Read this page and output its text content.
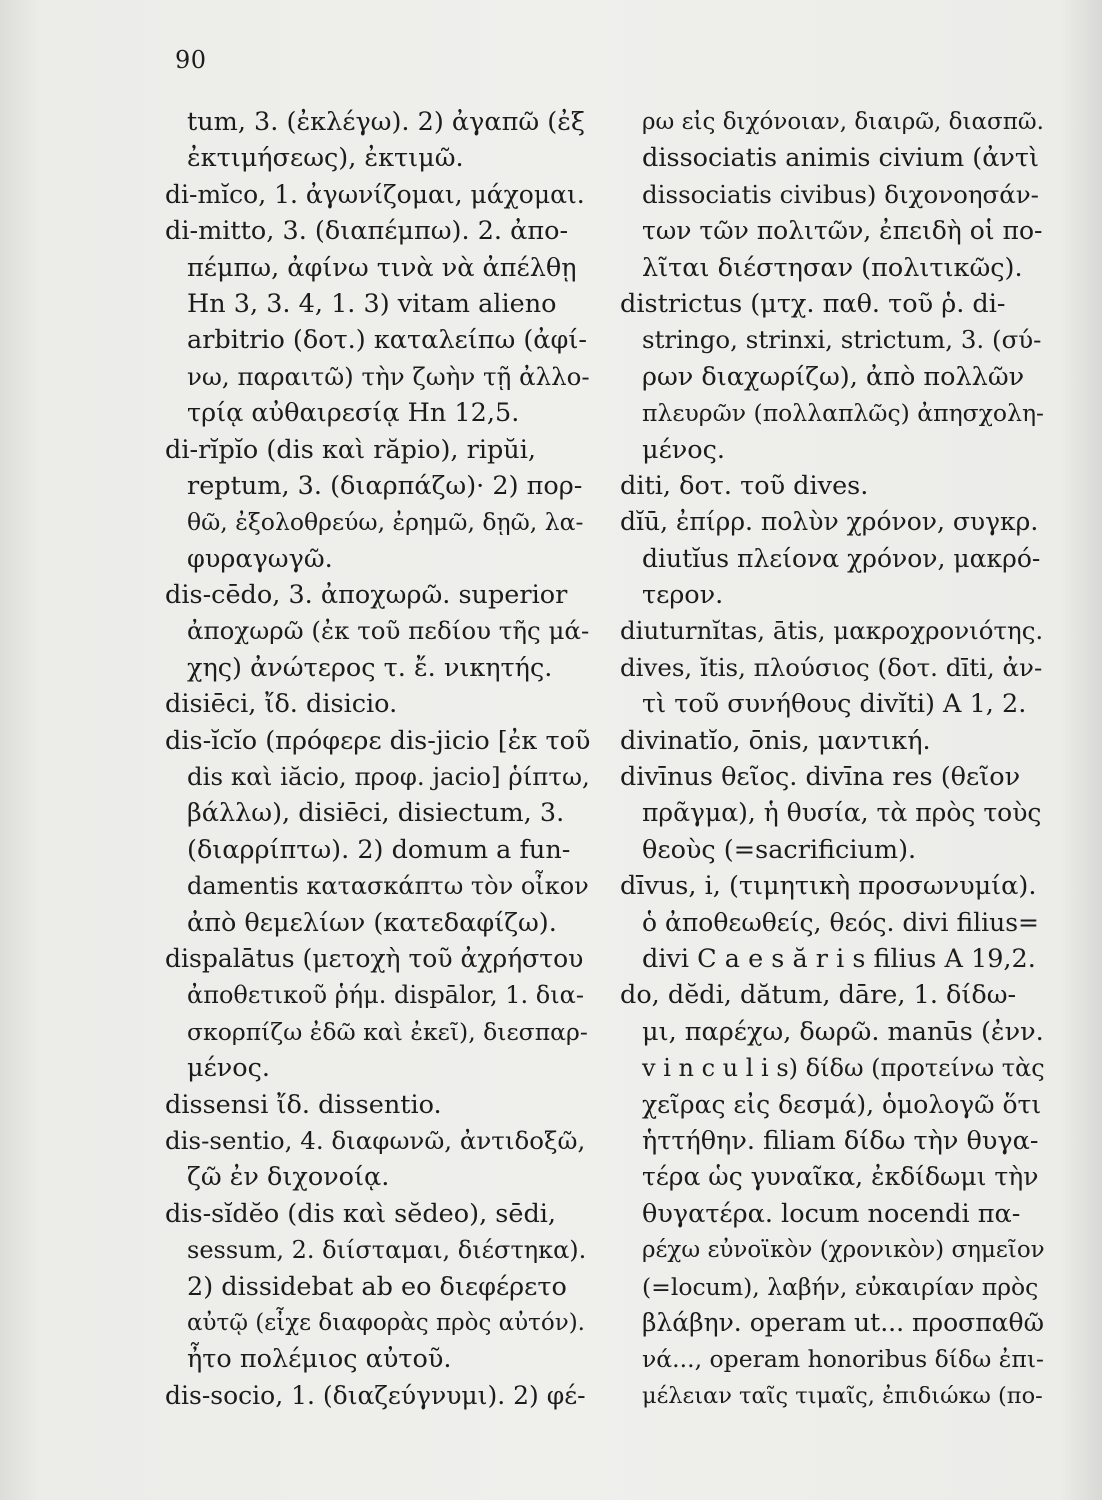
90
tum, 3. (ἐκλέγω). 2) ἀγαπῶ (ἐξ
ἐκτιμήσεως), ἐκτιμῶ.
di-mĭco, 1. ἀγωνίζομαι, μάχομαι.
di-mitto, 3. (διαπέμπω). 2. ἀπο-
πέμπω, ἀφίνω τινὰ νὰ ἀπέλθῃ
Hn 3, 3. 4, 1. 3) vitam alieno
arbitrio (δοτ.) καταλείπω (ἀφί-
νω, παραιτῶ) τὴν ζωὴν τῇ ἀλλο-
τρίᾳ αὐθαιρεσίᾳ Hn 12,5.
di-rĭpĭo (dis καὶ răpio), ripŭi,
reptum, 3. (διαρπάζω)· 2) πορ-
θῶ, ἐξολοθρεύω, ἐρημῶ, δῃῶ, λα-
φυραγωγῶ.
dis-cēdo, 3. ἀποχωρῶ. superior
ἀποχωρῶ (ἐκ τοῦ πεδίου τῆς μά-
χης) ἀνώτερος τ. ἔ. νικητής.
disiēci, ἴδ. disicio.
dis-ĭcĭo (πρόφερε dis-jicio [ἐκ τοῦ
dis καὶ iăcio, προφ. jacio] ῥίπτω,
βάλλω), disiēci, disiectum, 3.
(διαρρίπτω). 2) domum a fun-
damentis κατασκάπτω τὸν οἶκον
ἀπὸ θεμελίων (κατεδαφίζω).
dispalātus (μετοχὴ τοῦ ἀχρήστου
ἀποθετικοῦ ῥήμ. dispālor, 1. δια-
σκορπίζω ἐδῶ καὶ ἐκεῖ), διεσπαρ-
μένος.
dissensi ἴδ. dissentio.
dis-sentio, 4. διαφωνῶ, ἀντιδοξῶ,
ζῶ ἐν διχονοίᾳ.
dis-sĭdĕo (dis καὶ sĕdeo), sēdi,
sessum, 2. διίσταμαι, διέστηκα).
2) dissidebat ab eo διεφέρετο
αὐτῷ (εἶχε διαφορὰς πρὸς αὐτόν).
ἦτο πολέμιος αὐτοῦ.
dis-socio, 1. (διαζεύγνυμι). 2) φέ-
ρω εἰς διχόνοιαν, διαιρῶ, διασπῶ.
dissociatis animis civium (ἀντὶ
dissociatis civibus) διχονοησάν-
των τῶν πολιτῶν, ἐπειδὴ οἱ πο-
λῖται διέστησαν (πολιτικῶς).
districtus (μτχ. παθ. τοῦ ῥ. di-
stringo, strinxi, strictum, 3. (σύ-
ρων διαχωρίζω), ἀπὸ πολλῶν
πλευρῶν (πολλαπλῶς) ἀπησχολη-
μένος.
diti, δοτ. τοῦ dives.
dĭū, ἐπίρρ. πολὺν χρόνον, συγκρ.
diutĭus πλείονα χρόνον, μακρό-
τερον.
diuturnĭtas, ātis, μακροχρονιότης.
dives, ĭtis, πλούσιος (δοτ. dīti, ἀν-
τὶ τοῦ συνήθους divĭti) A 1, 2.
divinatĭo, ōnis, μαντική.
divīnus θεῖος. divīna res (θεῖον
πρᾶγμα), ἡ θυσία, τὰ πρὸς τοὺς
θεοὺς (=sacrificium).
dīvus, i, (τιμητικὴ προσωνυμία).
ὁ ἀποθεωθείς, θεός. divi filius=
divi C a e s ă r i s filius A 19,2.
do, dĕdi, dătum, dāre, 1. δίδω-
μι, παρέχω, δωρῶ. manūs (ἐνν.
v i n c u l i s) δίδω (προτείνω τὰς
χεῖρας εἰς δεσμά), ὁμολογῶ ὅτι
ἡττήθην. filiam δίδω τὴν θυγα-
τέρα ὡς γυναῖκα, ἐκδίδωμι τὴν
θυγατέρα. locum nocendi πα-
ρέχω εὐνοϊκὸν (χρονικὸν) σημεῖον
(=locum), λαβήν, εὐκαιρίαν πρὸς
βλάβην. operam ut... προσπαθῶ
νά..., operam honoribus δίδω ἐπι-
μέλειαν ταῖς τιμαῖς, ἐπιδιώκω (πο-
